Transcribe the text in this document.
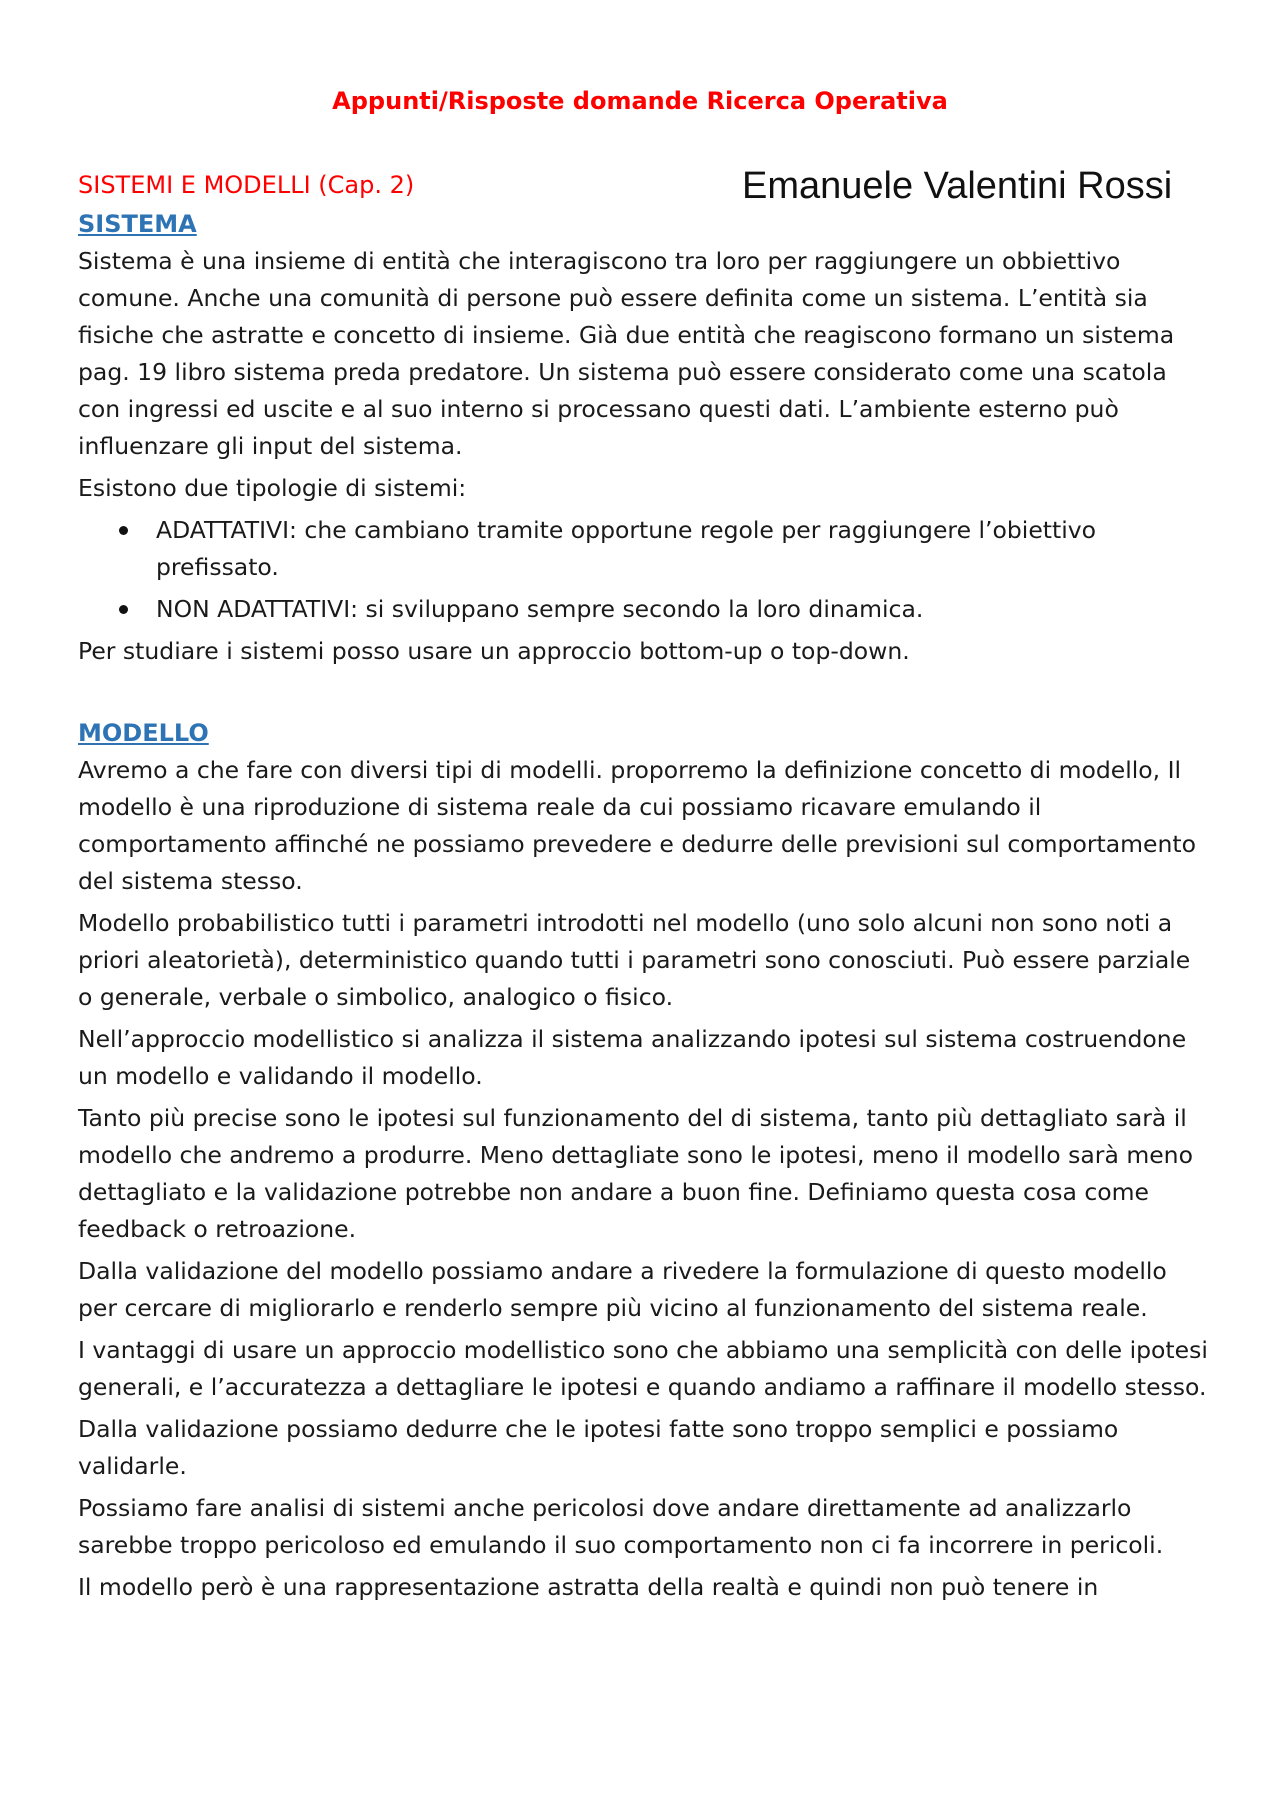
Appunti/Risposte domande Ricerca Operativa
SISTEMI E MODELLI (Cap. 2)	Emanuele Valentini Rossi
SISTEMA

Sistema è una insieme di entità che interagiscono tra loro per raggiungere un obbiettivo comune. Anche una comunità di persone può essere definita come un sistema. L’entità sia fisiche che astratte e concetto di insieme. Già due entità che reagiscono formano un sistema pag. 19 libro sistema preda predatore. Un sistema può essere considerato come una scatola con ingressi ed uscite e al suo interno si processano questi dati. L’ambiente esterno può influenzare gli input del sistema.

Esistono due tipologie di sistemi:

ADATTATIVI: che cambiano tramite opportune regole per raggiungere l’obiettivo prefissato.
NON ADATTATIVI: si sviluppano sempre secondo la loro dinamica.

Per studiare i sistemi posso usare un approccio bottom-up o top-down.

MODELLO

Avremo a che fare con diversi tipi di modelli. proporremo la definizione concetto di modello, Il modello è una riproduzione di sistema reale da cui possiamo ricavare emulando il comportamento affinché ne possiamo prevedere e dedurre delle previsioni sul comportamento del sistema stesso.

Modello probabilistico tutti i parametri introdotti nel modello (uno solo alcuni non sono noti a priori aleatorietà), deterministico quando tutti i parametri sono conosciuti. Può essere parziale o generale, verbale o simbolico, analogico o fisico.

Nell’approccio modellistico si analizza il sistema analizzando ipotesi sul sistema costruendone un modello e validando il modello.

Tanto più precise sono le ipotesi sul funzionamento del di sistema, tanto più dettagliato sarà il modello che andremo a produrre. Meno dettagliate sono le ipotesi, meno il modello sarà meno dettagliato e la validazione potrebbe non andare a buon fine. Definiamo questa cosa come feedback o retroazione.

Dalla validazione del modello possiamo andare a rivedere la formulazione di questo modello per cercare di migliorarlo e renderlo sempre più vicino al funzionamento del sistema reale.

I vantaggi di usare un approccio modellistico sono che abbiamo una semplicità con delle ipotesi generali, e l’accuratezza a dettagliare le ipotesi e quando andiamo a raffinare il modello stesso.

Dalla validazione possiamo dedurre che le ipotesi fatte sono troppo semplici e possiamo validarle.

Possiamo fare analisi di sistemi anche pericolosi dove andare direttamente ad analizzarlo sarebbe troppo pericoloso ed emulando il suo comportamento non ci fa incorrere in pericoli.

Il modello però è una rappresentazione astratta della realtà e quindi non può tenere in
